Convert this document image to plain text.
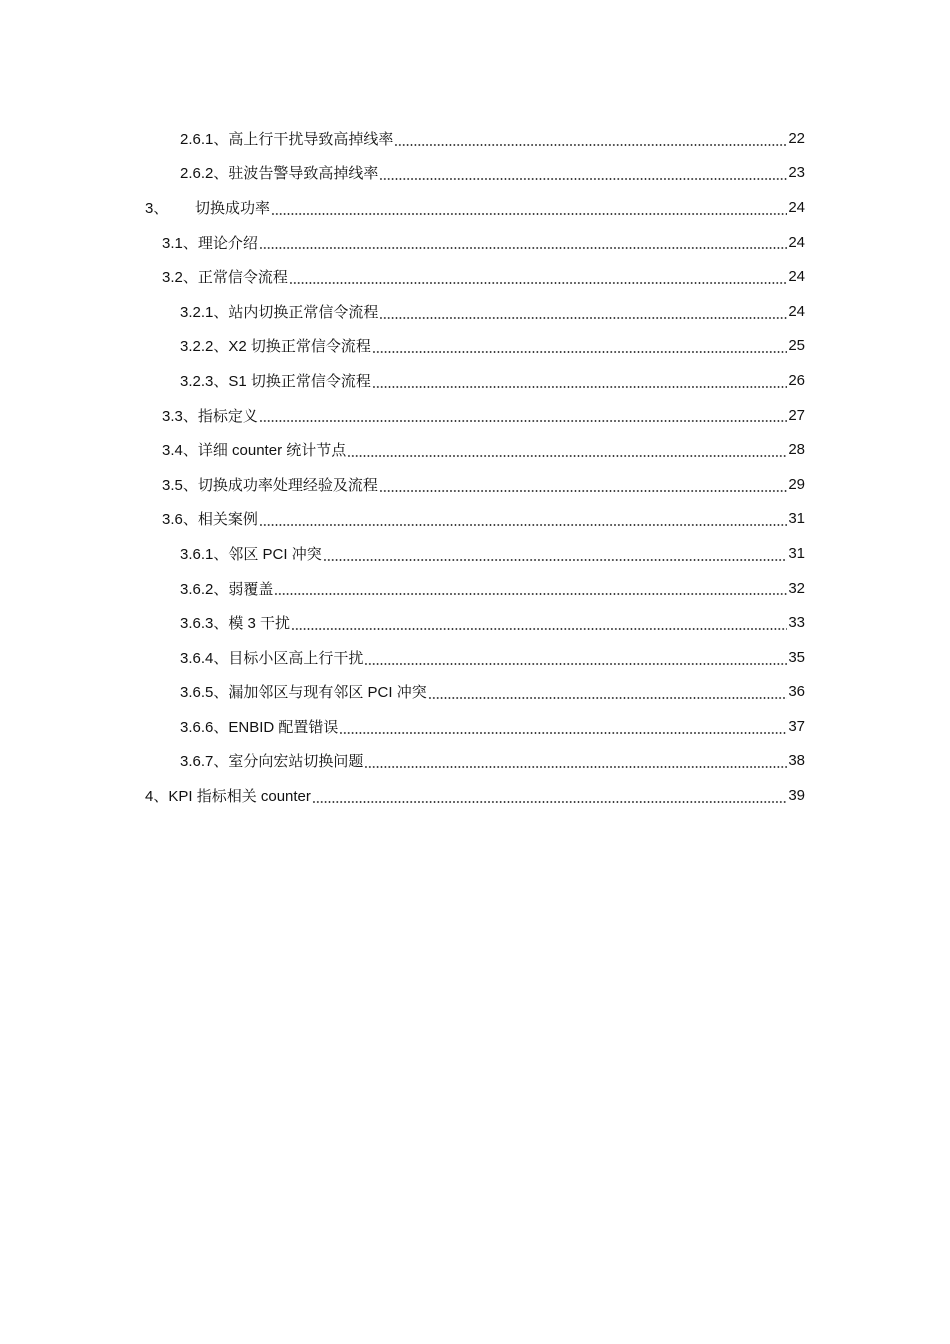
2.6.1、 高上行干扰导致高掉线率	22
2.6.2、 驻波告警导致高掉线率	23
3、	切换成功率	24
3.1、 理论介绍	24
3.2、 正常信令流程	24
3.2.1、 站内切换正常信令流程	24
3.2.2、 X2 切换正常信令流程	25
3.2.3、 S1 切换正常信令流程	26
3.3、 指标定义	27
3.4、 详细 counter 统计节点	28
3.5、 切换成功率处理经验及流程	29
3.6、 相关案例	31
3.6.1、 邻区 PCI 冲突	31
3.6.2、 弱覆盖	32
3.6.3、 模 3 干扰	33
3.6.4、 目标小区高上行干扰	35
3.6.5、 漏加邻区与现有邻区 PCI 冲突	36
3.6.6、 ENBID 配置错误	37
3.6.7、 室分向宏站切换问题	38
4、 KPI 指标相关 counter	39
